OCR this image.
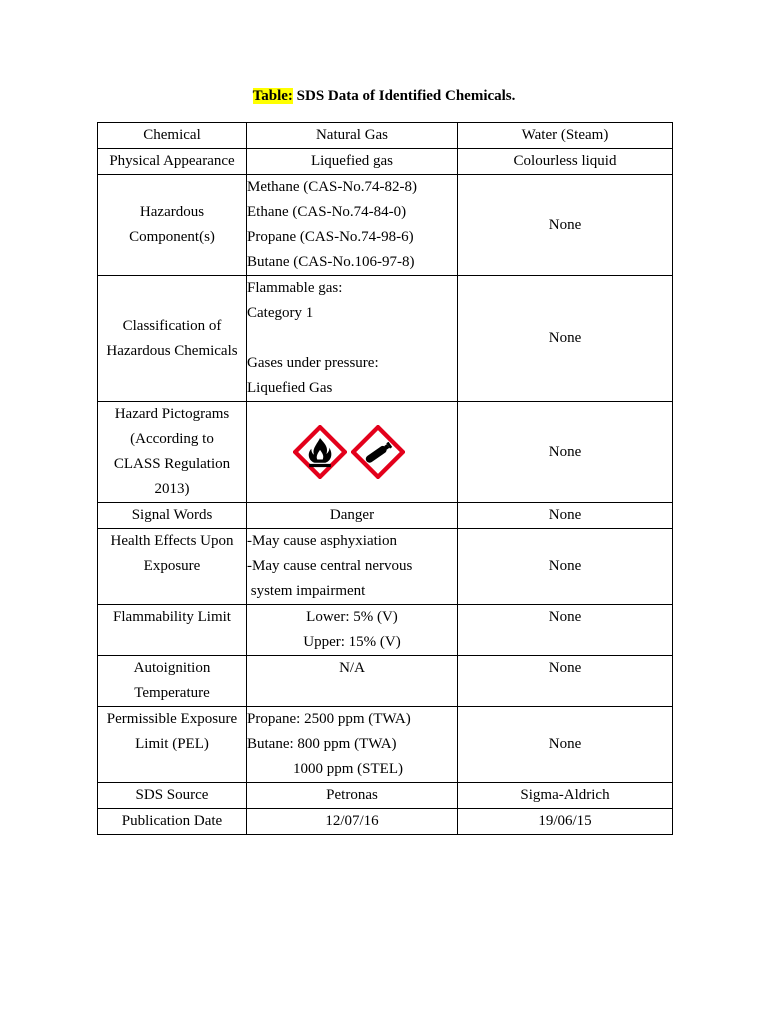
Table: SDS Data of Identified Chemicals.
Chemical	Natural Gas	Water (Steam)

Physical Appearance	Liquefied gas	Colourless liquid

Hazardous
Component(s)	Methane (CAS-No.74-82-8)
Ethane (CAS-No.74-84-0)
Propane (CAS-No.74-98-6)
Butane (CAS-No.106-97-8)	None

Classification of
Hazardous Chemicals	Flammable gas:
Category 1
Gases under pressure:
Liquefied Gas	None

Hazard Pictograms
(According to
CLASS Regulation
2013)		None

Signal Words	Danger	None

Health Effects Upon
Exposure	-May cause asphyxiation
-May cause central nervous
system impairment	None

Flammability Limit	Lower: 5% (V)
Upper: 15% (V)	None

Autoignition
Temperature	N/A	None

Permissible Exposure
Limit (PEL)	Propane: 2500 ppm (TWA)
Butane: 800 ppm (TWA)
1000 ppm (STEL)	None

SDS Source	Petronas	Sigma-Aldrich

Publication Date	12/07/16	19/06/15
